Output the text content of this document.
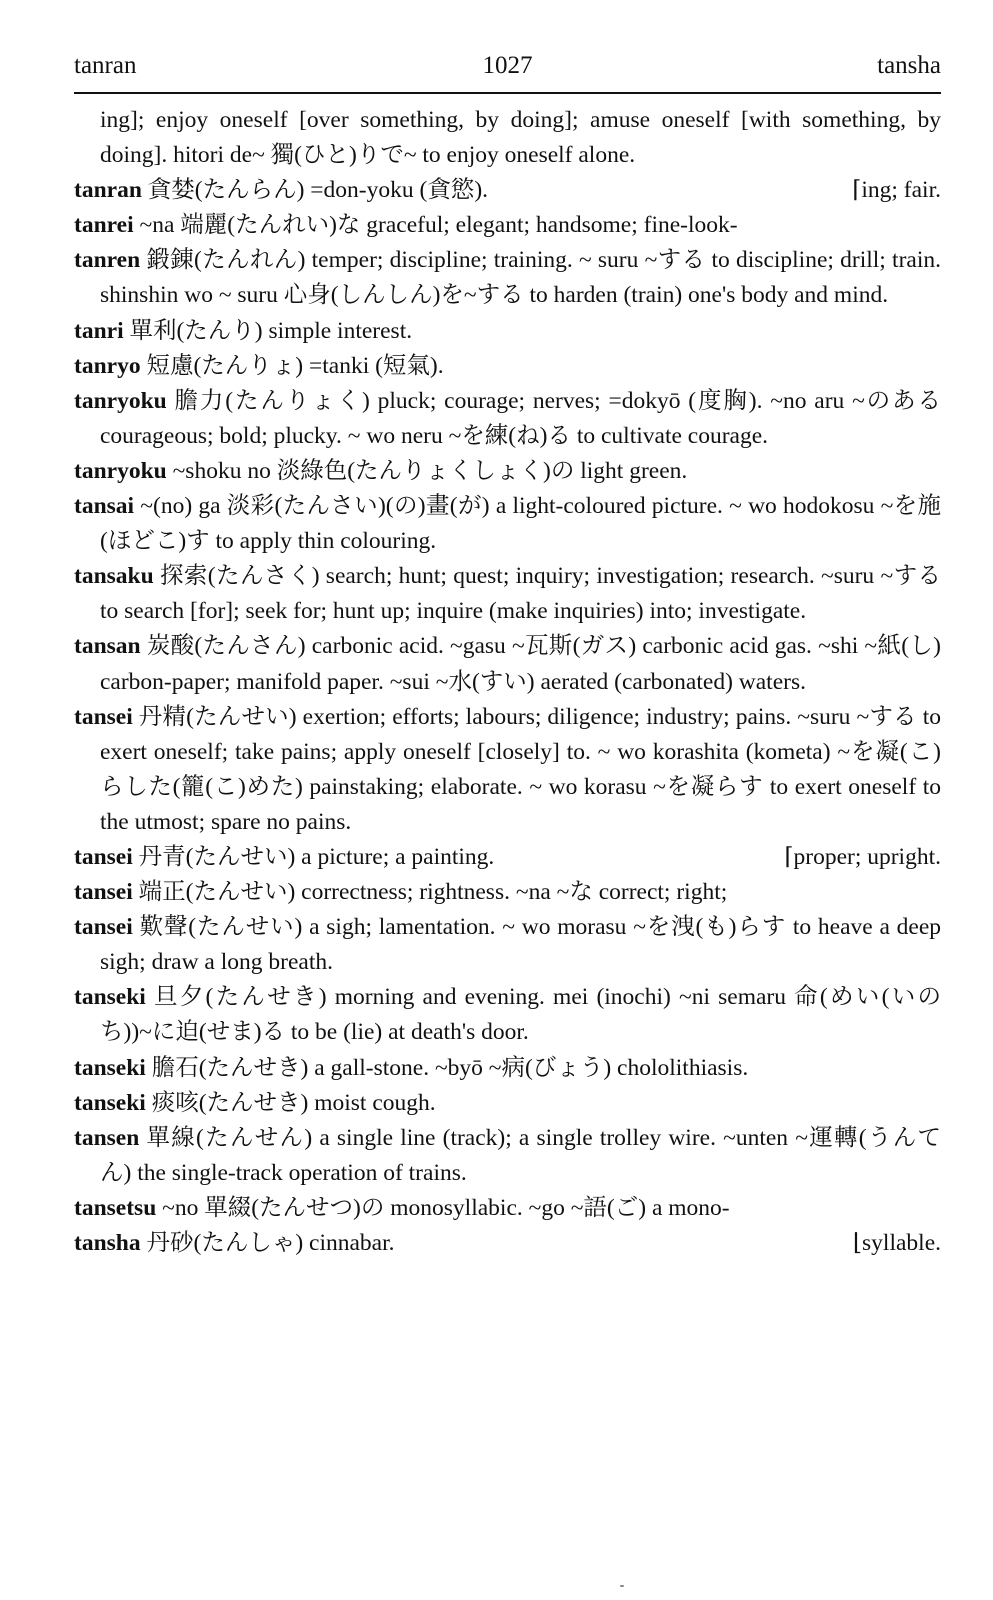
tanran	1027	tansha
ing]; enjoy oneself [over something, by doing]; amuse oneself [with something, by doing]. hitori de~ 獨(ひと)りで~ to enjoy oneself alone.
tanran 貪婪(たんらん) =don-yoku (貪慾).	⌈ing; fair.
tanrei ~na 端麗(たんれい)な graceful; elegant; handsome; fine-look-
tanren 鍛錬(たんれん) temper; discipline; training. ~ suru ~する to discipline; drill; train. shinshin wo ~ suru 心身(しんしん)を~する to harden (train) one's body and mind.
tanri 單利(たんり) simple interest.
tanryo 短慮(たんりょ) =tanki (短氣).
tanryoku 膽力(たんりょく) pluck; courage; nerves; =dokyō (度胸). ~no aru ~のある courageous; bold; plucky. ~ wo neru ~を練(ね)る to cultivate courage.
tanryoku ~shoku no 淡綠色(たんりょくしょく)の light green.
tansai ~(no) ga 淡彩(たんさい)(の)畫(が) a light-coloured picture. ~ wo hodokosu ~を施(ほどこ)す to apply thin colouring.
tansaku 探索(たんさく) search; hunt; quest; inquiry; investigation; research. ~suru ~する to search [for]; seek for; hunt up; inquire (make inquiries) into; investigate.
tansan 炭酸(たんさん) carbonic acid. ~gasu ~瓦斯(ガス) carbonic acid gas. ~shi ~紙(し) carbon-paper; manifold paper. ~sui ~水(すい) aerated (carbonated) waters.
tansei 丹精(たんせい) exertion; efforts; labours; diligence; industry; pains. ~suru ~する to exert oneself; take pains; apply oneself [closely] to. ~ wo korashita (kometa) ~を凝(こ)らした(籠(こ)めた) painstaking; elaborate. ~ wo korasu ~を凝らす to exert oneself to the utmost; spare no pains.
tansei 丹青(たんせい) a picture; a painting.	⌈proper; upright.
tansei 端正(たんせい) correctness; rightness. ~na ~な correct; right;
tansei 歎聲(たんせい) a sigh; lamentation. ~ wo morasu ~を洩(も)らす to heave a deep sigh; draw a long breath.
tanseki 旦夕(たんせき) morning and evening. mei (inochi) ~ni semaru 命(めい(いのち))~に迫(せま)る to be (lie) at death's door.
tanseki 膽石(たんせき) a gall-stone. ~byō ~病(びょう) chololithiasis.
tanseki 痰咳(たんせき) moist cough.
tansen 單線(たんせん) a single line (track); a single trolley wire. ~unten ~運轉(うんてん) the single-track operation of trains.
tansetsu ~no 單綴(たんせつ)の monosyllabic. ~go ~語(ご) a mono-
tansha 丹砂(たんしゃ) cinnabar.	⌊syllable.
